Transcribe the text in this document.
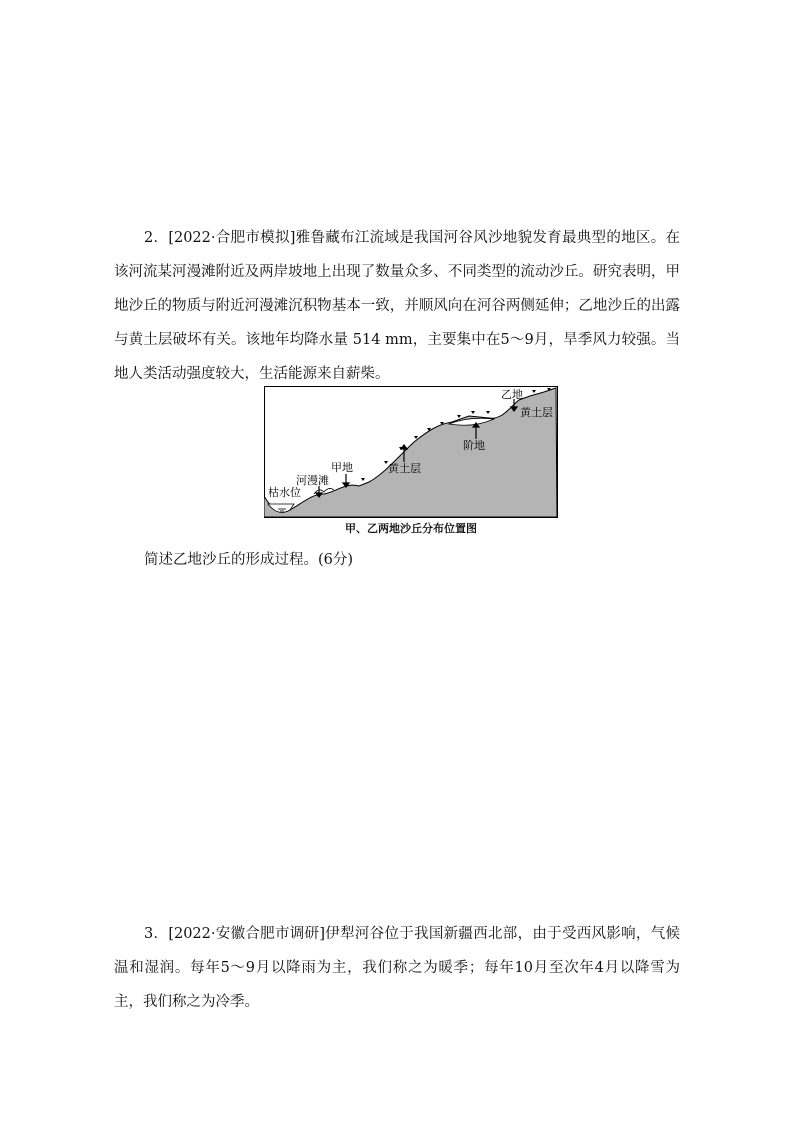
2．[2022·合肥市模拟]雅鲁藏布江流域是我国河谷风沙地貌发育最典型的地区。在该河流某河漫滩附近及两岸坡地上出现了数量众多、不同类型的流动沙丘。研究表明，甲地沙丘的物质与附近河漫滩沉积物基本一致，并顺风向在河谷两侧延伸；乙地沙丘的出露与黄土层破坏有关。该地年均降水量 514 mm，主要集中在5～9月，旱季风力较强。当地人类活动强度较大，生活能源来自薪柴。

乙地
黄土层
阶地
黄土层
甲地
河漫滩
枯水位
甲、乙两地沙丘分布位置图

简述乙地沙丘的形成过程。(6分)

3．[2022·安徽合肥市调研]伊犁河谷位于我国新疆西北部，由于受西风影响，气候温和湿润。每年5～9月以降雨为主，我们称之为暖季；每年10月至次年4月以降雪为主，我们称之为冷季。
